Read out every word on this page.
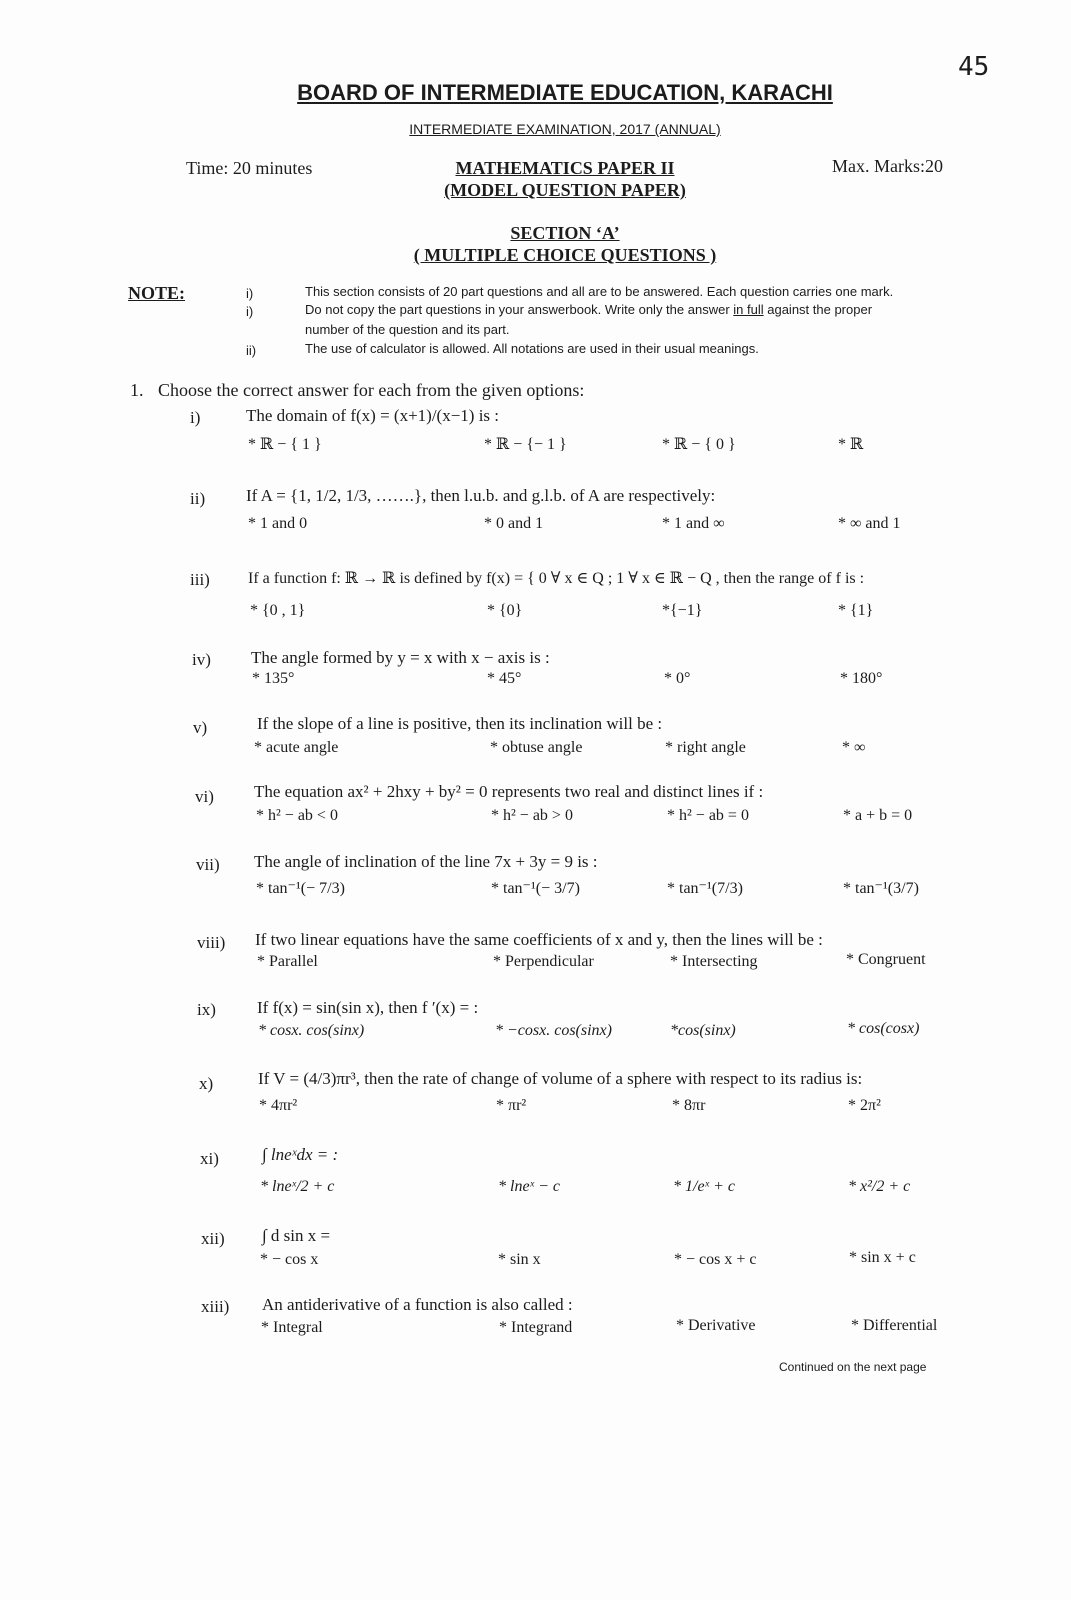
45
BOARD OF INTERMEDIATE EDUCATION, KARACHI
INTERMEDIATE EXAMINATION, 2017 (ANNUAL)
Time: 20 minutes	Max. Marks:20
MATHEMATICS PAPER II
(MODEL QUESTION PAPER)
SECTION ‘A’
( MULTIPLE CHOICE QUESTIONS )
NOTE:	i)	This section consists of 20 part questions and all are to be answered. Each question carries one mark.
i)	Do not copy the part questions in your answerbook. Write only the answer in full against the proper
number of the question and its part.
ii)	The use of calculator is allowed. All notations are used in their usual meanings.
1. Choose the correct answer for each from the given options:
i)	The domain of f(x) = (x+1)/(x−1) is :
* ℝ − { 1 }	* ℝ − {− 1 }	* ℝ − { 0 }	* ℝ
ii) If A = {1, 1/2, 1/3, …….}, then l.u.b. and g.l.b. of A are respectively:
* 1 and 0	* 0 and 1	* 1 and ∞	* ∞ and 1
iii) If a function f: ℝ → ℝ is defined by f(x) = { 0 ∀ x ∈ Q ; 1 ∀ x ∈ ℝ − Q , then the range of f is :
* {0 , 1}	* {0}	*{−1}	* {1}
iv) The angle formed by y = x with x − axis is :
* 135°	* 45°	* 0°	* 180°
v)	If the slope of a line is positive, then its inclination will be :
* acute angle	* obtuse angle	* right angle	* ∞
vi) The equation ax² + 2hxy + by² = 0 represents two real and distinct lines if :
* h² − ab < 0	* h² − ab > 0	* h² − ab = 0	* a + b = 0
vii) The angle of inclination of the line 7x + 3y = 9 is :
* tan⁻¹(− 7/3)	* tan⁻¹(− 3/7)	* tan⁻¹(7/3)	* tan⁻¹(3/7)
viii) If two linear equations have the same coefficients of x and y, then the lines will be :
* Parallel	* Perpendicular	* Intersecting	* Congruent
ix) If f(x) = sin(sin x), then f ′(x) = :
* cosx. cos(sinx)	* −cosx. cos(sinx)	*cos(sinx)	* cos(cosx)
x)	If V = (4/3)πr³, then the rate of change of volume of a sphere with respect to its radius is:
* 4πr²	* πr²	* 8πr	* 2π²
xi)	∫ lneˣdx = :
* lneˣ/2 + c	* lneˣ − c	* 1/eˣ + c	* x²/2 + c
xii) ∫ d sin x =
* − cos x	* sin x	* − cos x + c	* sin x + c
xiii) An antiderivative of a function is also called :
* Integral	* Integrand	* Derivative	* Differential
Continued on the next page
